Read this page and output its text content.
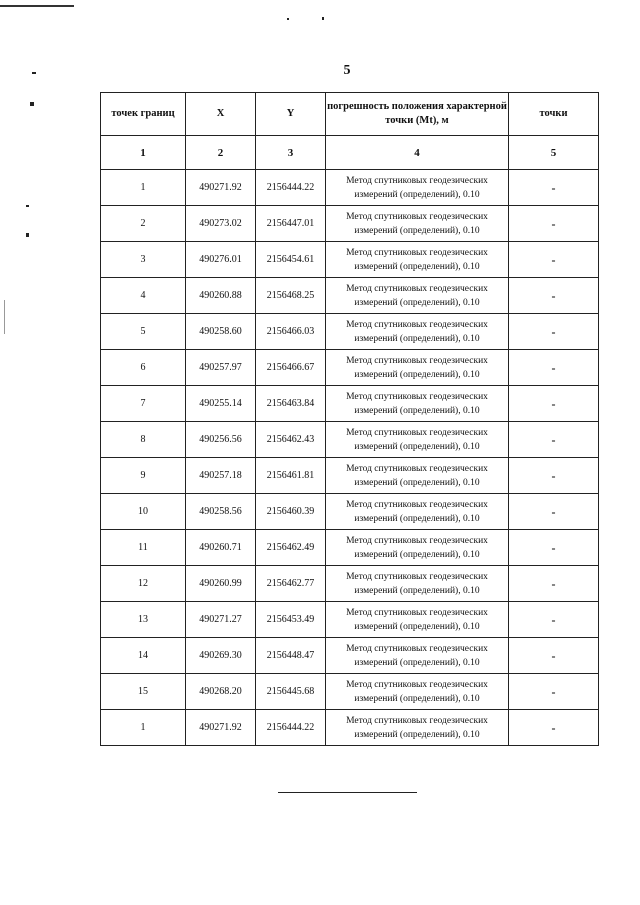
5
точек границ	X	Y	погрешность положения характерной точки (Mt), м	точки
1	2	3	4	5
1	490271.92	2156444.22	Метод спутниковых геодезических
измерений (определений), 0.10	-
2	490273.02	2156447.01	Метод спутниковых геодезических
измерений (определений), 0.10	-
3	490276.01	2156454.61	Метод спутниковых геодезических
измерений (определений), 0.10	-
4	490260.88	2156468.25	Метод спутниковых геодезических
измерений (определений), 0.10	-
5	490258.60	2156466.03	Метод спутниковых геодезических
измерений (определений), 0.10	-
6	490257.97	2156466.67	Метод спутниковых геодезических
измерений (определений), 0.10	-
7	490255.14	2156463.84	Метод спутниковых геодезических
измерений (определений), 0.10	-
8	490256.56	2156462.43	Метод спутниковых геодезических
измерений (определений), 0.10	-
9	490257.18	2156461.81	Метод спутниковых геодезических
измерений (определений), 0.10	-
10	490258.56	2156460.39	Метод спутниковых геодезических
измерений (определений), 0.10	-
11	490260.71	2156462.49	Метод спутниковых геодезических
измерений (определений), 0.10	-
12	490260.99	2156462.77	Метод спутниковых геодезических
измерений (определений), 0.10	-
13	490271.27	2156453.49	Метод спутниковых геодезических
измерений (определений), 0.10	-
14	490269.30	2156448.47	Метод спутниковых геодезических
измерений (определений), 0.10	-
15	490268.20	2156445.68	Метод спутниковых геодезических
измерений (определений), 0.10	-
1	490271.92	2156444.22	Метод спутниковых геодезических
измерений (определений), 0.10	-
